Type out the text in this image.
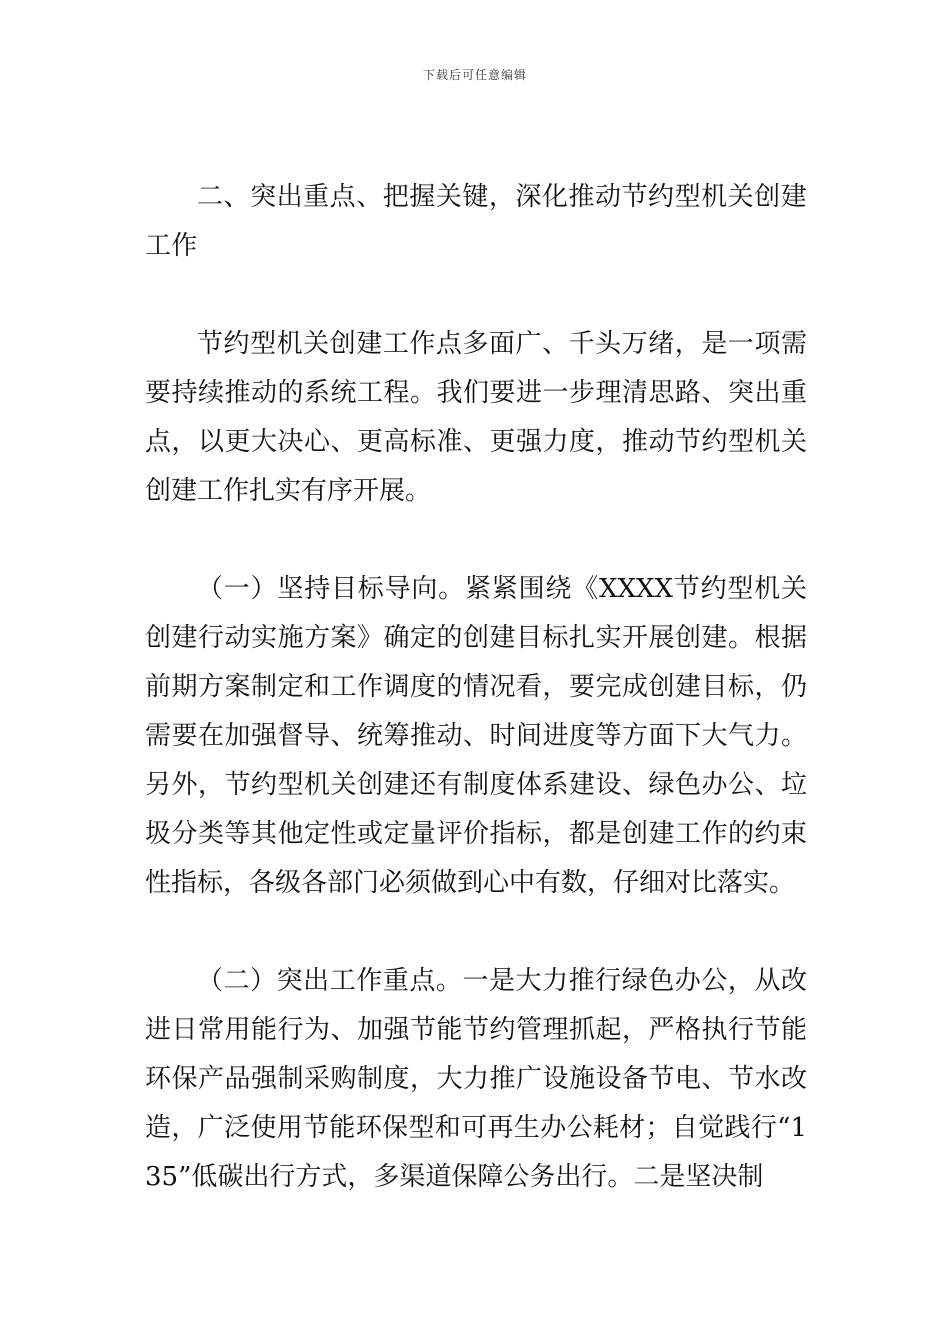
下载后可任意编辑

二、突出重点、把握关键，深化推动节约型机关创建工作

节约型机关创建工作点多面广、千头万绪，是一项需要持续推动的系统工程。我们要进一步理清思路、突出重点，以更大决心、更高标准、更强力度，推动节约型机关创建工作扎实有序开展。

（一）坚持目标导向。紧紧围绕《XXXX节约型机关创建行动实施方案》确定的创建目标扎实开展创建。根据前期方案制定和工作调度的情况看，要完成创建目标，仍需要在加强督导、统筹推动、时间进度等方面下大气力。另外，节约型机关创建还有制度体系建设、绿色办公、垃圾分类等其他定性或定量评价指标，都是创建工作的约束性指标，各级各部门必须做到心中有数，仔细对比落实。

（二）突出工作重点。一是大力推行绿色办公，从改进日常用能行为、加强节能节约管理抓起，严格执行节能环保产品强制采购制度，大力推广设施设备节电、节水改造，广泛使用节能环保型和可再生办公耗材；自觉践行“135”低碳出行方式，多渠道保障公务出行。二是坚决制
